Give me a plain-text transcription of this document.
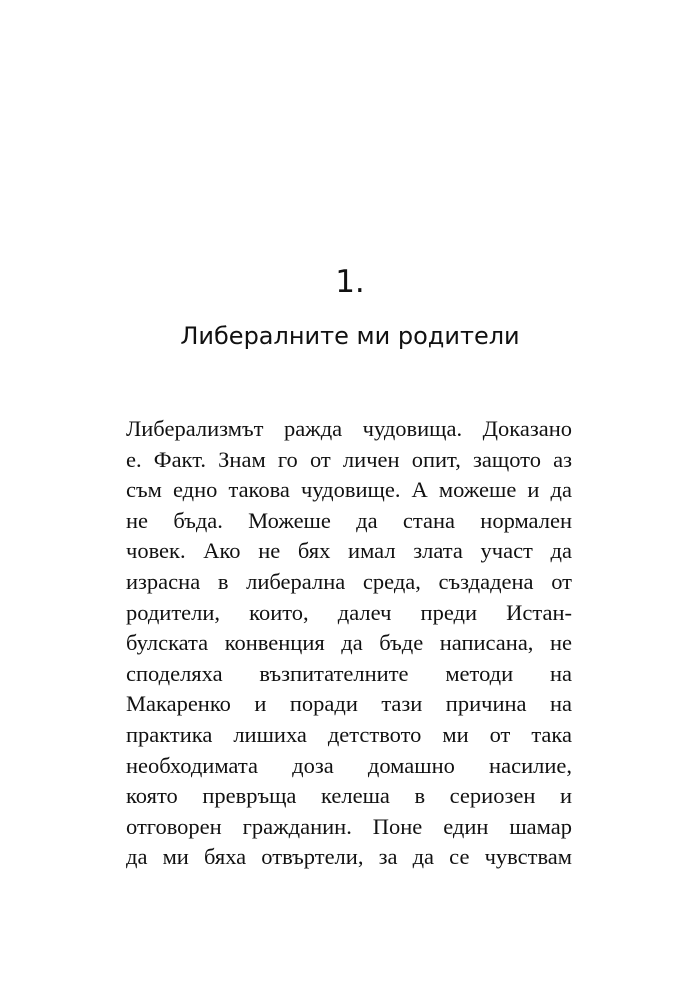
1.
Либералните ми родители
Либерализмът ражда чудовища. Доказано
е. Факт. Знам го от личен опит, защото аз
съм едно такова чудовище. А можеше и да
не бъда. Можеше да стана нормален
човек. Ако не бях имал злата участ да
израсна в либерална среда, създадена от
родители, които, далеч преди Истан-
булската конвенция да бъде написана, не
споделяха възпитателните методи на
Макаренко и поради тази причина на
практика лишиха детството ми от така
необходимата доза домашно насилие,
която превръща келеша в сериозен и
отговорен гражданин. Поне един шамар
да ми бяха отвъртели, за да се чувствам
